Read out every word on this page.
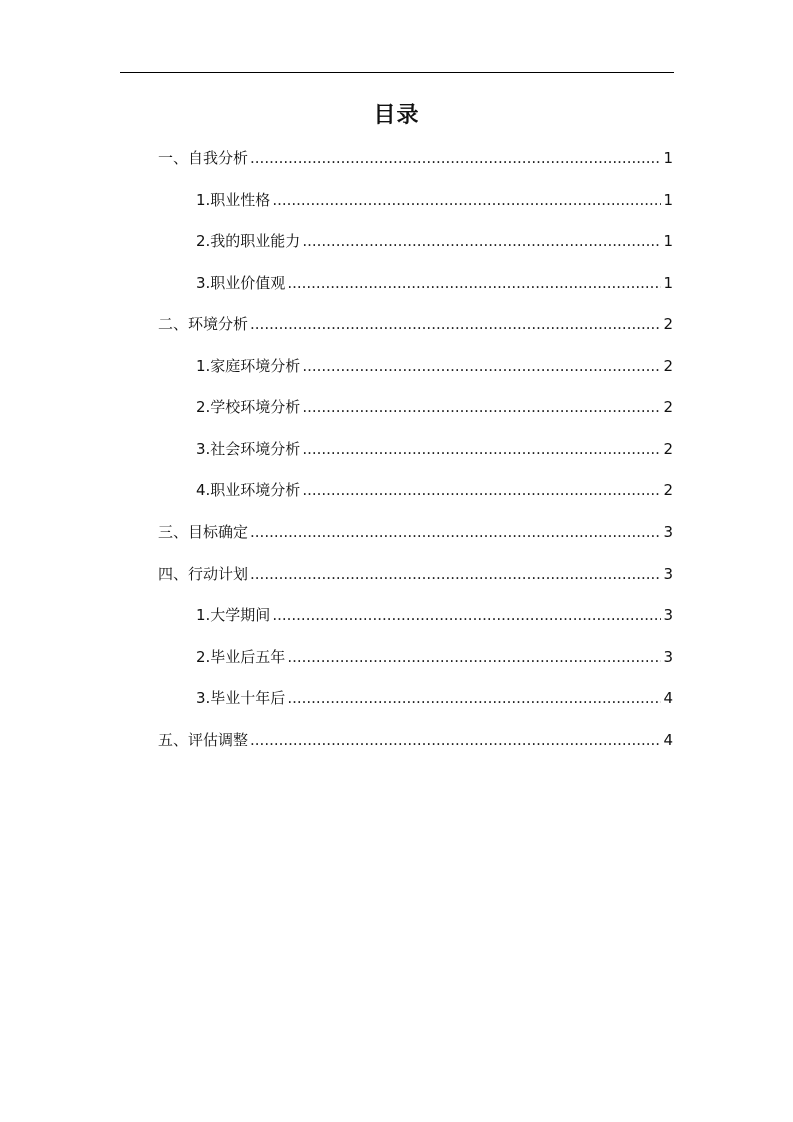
目录
一、自我分析 .....	1
1.职业性格 .....	1
2.我的职业能力 .....	1
3.职业价值观 .....	1
二、环境分析 .....	2
1.家庭环境分析 .....	2
2.学校环境分析 .....	2
3.社会环境分析 .....	2
4.职业环境分析 .....	2
三、目标确定 .....	3
四、行动计划 .....	3
1.大学期间 .....	3
2.毕业后五年 .....	3
3.毕业十年后 .....	4
五、评估调整 .....	4
